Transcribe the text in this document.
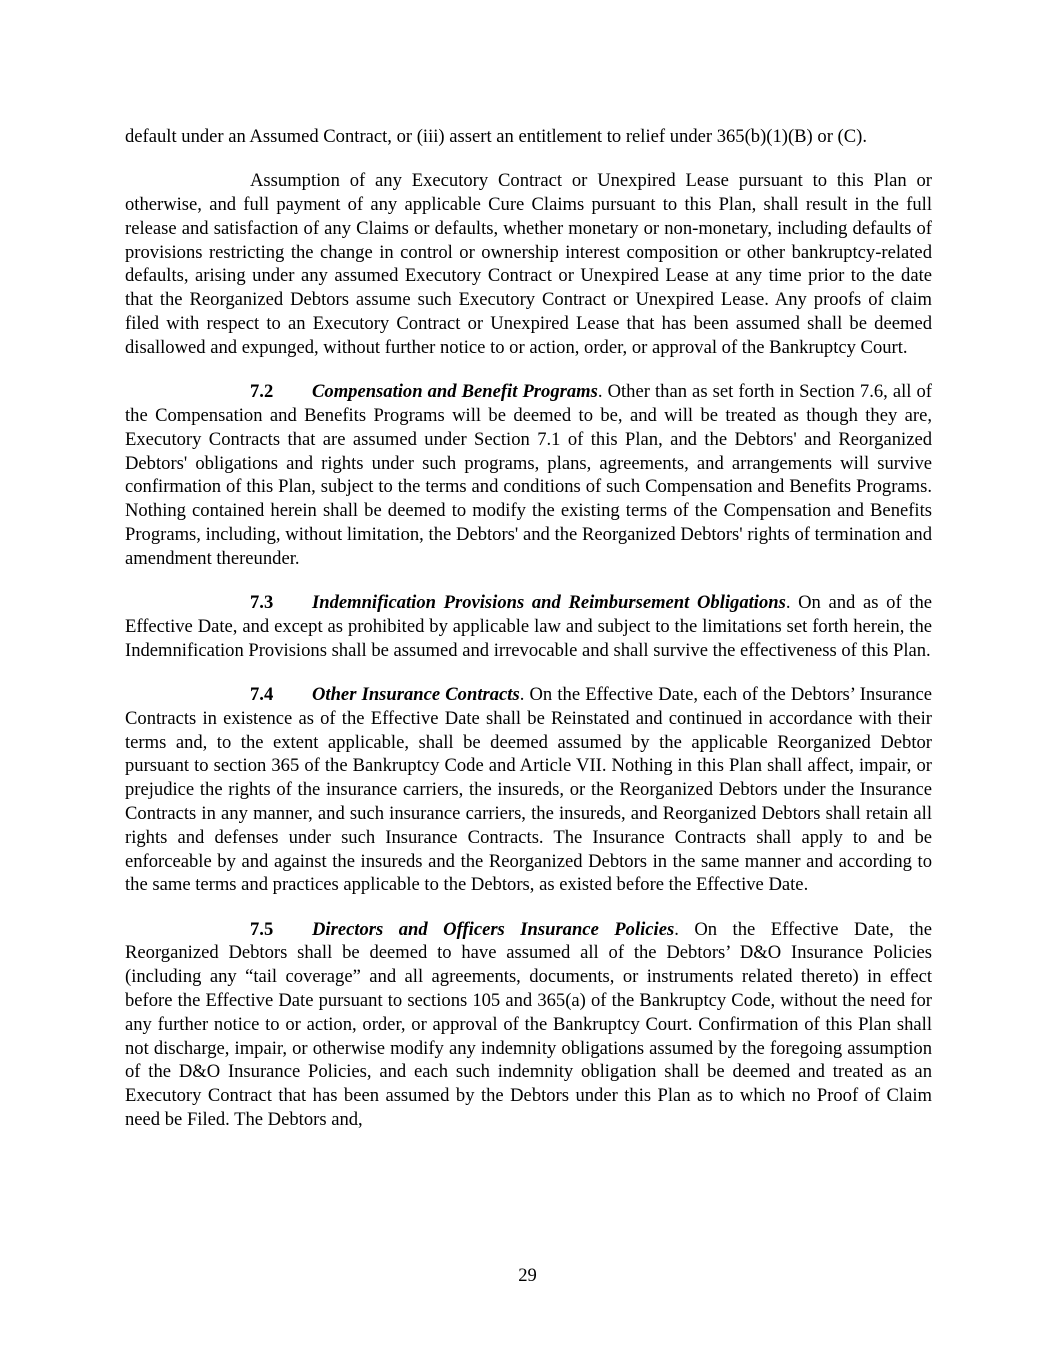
default under an Assumed Contract, or (iii) assert an entitlement to relief under 365(b)(1)(B) or (C).

Assumption of any Executory Contract or Unexpired Lease pursuant to this Plan or otherwise, and full payment of any applicable Cure Claims pursuant to this Plan, shall result in the full release and satisfaction of any Claims or defaults, whether monetary or non-monetary, including defaults of provisions restricting the change in control or ownership interest composition or other bankruptcy-related defaults, arising under any assumed Executory Contract or Unexpired Lease at any time prior to the date that the Reorganized Debtors assume such Executory Contract or Unexpired Lease. Any proofs of claim filed with respect to an Executory Contract or Unexpired Lease that has been assumed shall be deemed disallowed and expunged, without further notice to or action, order, or approval of the Bankruptcy Court.

7.2 Compensation and Benefit Programs. Other than as set forth in Section 7.6, all of the Compensation and Benefits Programs will be deemed to be, and will be treated as though they are, Executory Contracts that are assumed under Section 7.1 of this Plan, and the Debtors' and Reorganized Debtors' obligations and rights under such programs, plans, agreements, and arrangements will survive confirmation of this Plan, subject to the terms and conditions of such Compensation and Benefits Programs. Nothing contained herein shall be deemed to modify the existing terms of the Compensation and Benefits Programs, including, without limitation, the Debtors' and the Reorganized Debtors' rights of termination and amendment thereunder.

7.3 Indemnification Provisions and Reimbursement Obligations. On and as of the Effective Date, and except as prohibited by applicable law and subject to the limitations set forth herein, the Indemnification Provisions shall be assumed and irrevocable and shall survive the effectiveness of this Plan.

7.4 Other Insurance Contracts. On the Effective Date, each of the Debtors’ Insurance Contracts in existence as of the Effective Date shall be Reinstated and continued in accordance with their terms and, to the extent applicable, shall be deemed assumed by the applicable Reorganized Debtor pursuant to section 365 of the Bankruptcy Code and Article VII. Nothing in this Plan shall affect, impair, or prejudice the rights of the insurance carriers, the insureds, or the Reorganized Debtors under the Insurance Contracts in any manner, and such insurance carriers, the insureds, and Reorganized Debtors shall retain all rights and defenses under such Insurance Contracts. The Insurance Contracts shall apply to and be enforceable by and against the insureds and the Reorganized Debtors in the same manner and according to the same terms and practices applicable to the Debtors, as existed before the Effective Date.

7.5 Directors and Officers Insurance Policies. On the Effective Date, the Reorganized Debtors shall be deemed to have assumed all of the Debtors’ D&O Insurance Policies (including any “tail coverage” and all agreements, documents, or instruments related thereto) in effect before the Effective Date pursuant to sections 105 and 365(a) of the Bankruptcy Code, without the need for any further notice to or action, order, or approval of the Bankruptcy Court. Confirmation of this Plan shall not discharge, impair, or otherwise modify any indemnity obligations assumed by the foregoing assumption of the D&O Insurance Policies, and each such indemnity obligation shall be deemed and treated as an Executory Contract that has been assumed by the Debtors under this Plan as to which no Proof of Claim need be Filed. The Debtors and,

29
